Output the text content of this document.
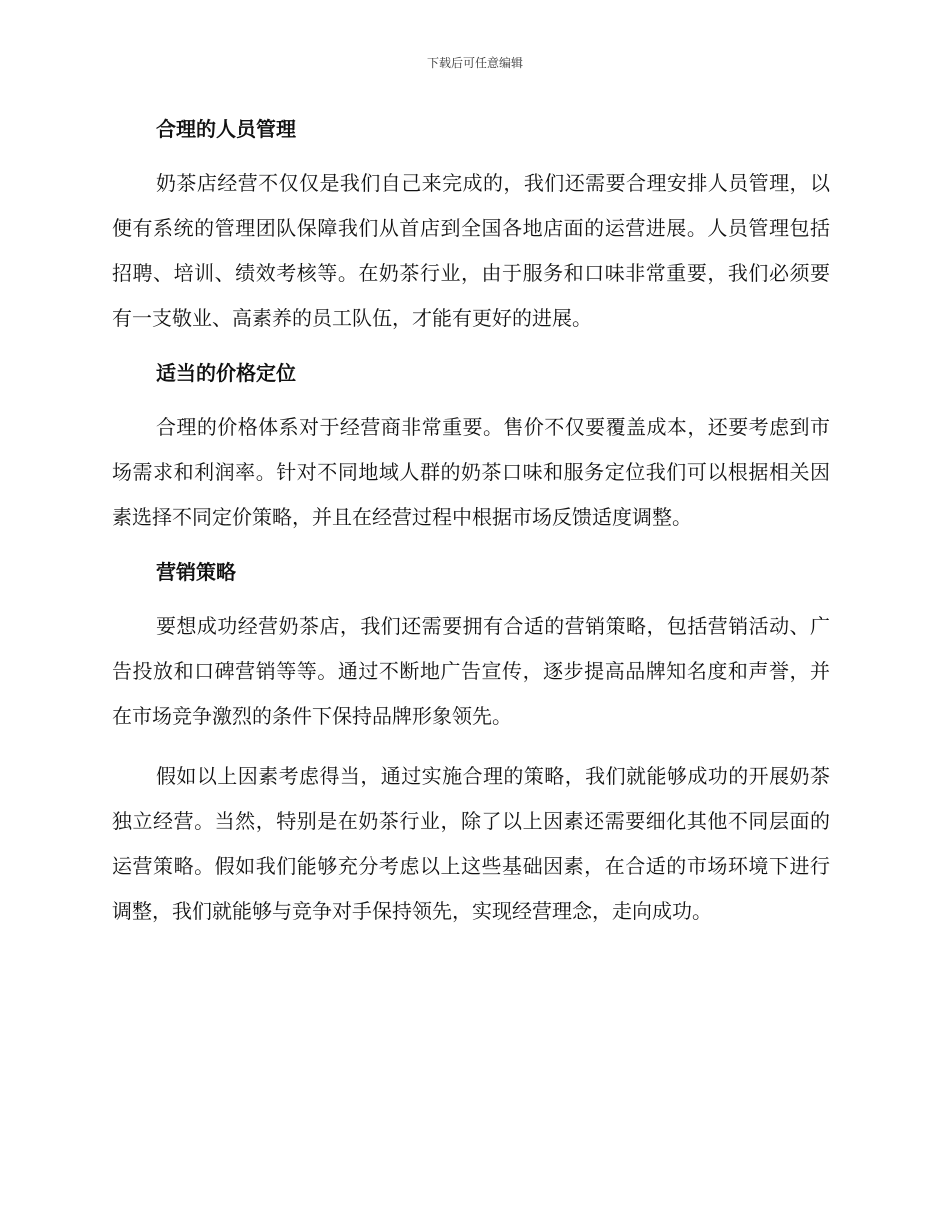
下载后可任意编辑
合理的人员管理

奶茶店经营不仅仅是我们自己来完成的，我们还需要合理安排人员管理，以便有系统的管理团队保障我们从首店到全国各地店面的运营进展。人员管理包括招聘、培训、绩效考核等。在奶茶行业，由于服务和口味非常重要，我们必须要有一支敬业、高素养的员工队伍，才能有更好的进展。

适当的价格定位

合理的价格体系对于经营商非常重要。售价不仅要覆盖成本，还要考虑到市场需求和利润率。针对不同地域人群的奶茶口味和服务定位我们可以根据相关因素选择不同定价策略，并且在经营过程中根据市场反馈适度调整。

营销策略

要想成功经营奶茶店，我们还需要拥有合适的营销策略，包括营销活动、广告投放和口碑营销等等。通过不断地广告宣传，逐步提高品牌知名度和声誉，并在市场竞争激烈的条件下保持品牌形象领先。

假如以上因素考虑得当，通过实施合理的策略，我们就能够成功的开展奶茶独立经营。当然，特别是在奶茶行业，除了以上因素还需要细化其他不同层面的运营策略。假如我们能够充分考虑以上这些基础因素，在合适的市场环境下进行调整，我们就能够与竞争对手保持领先，实现经营理念，走向成功。
